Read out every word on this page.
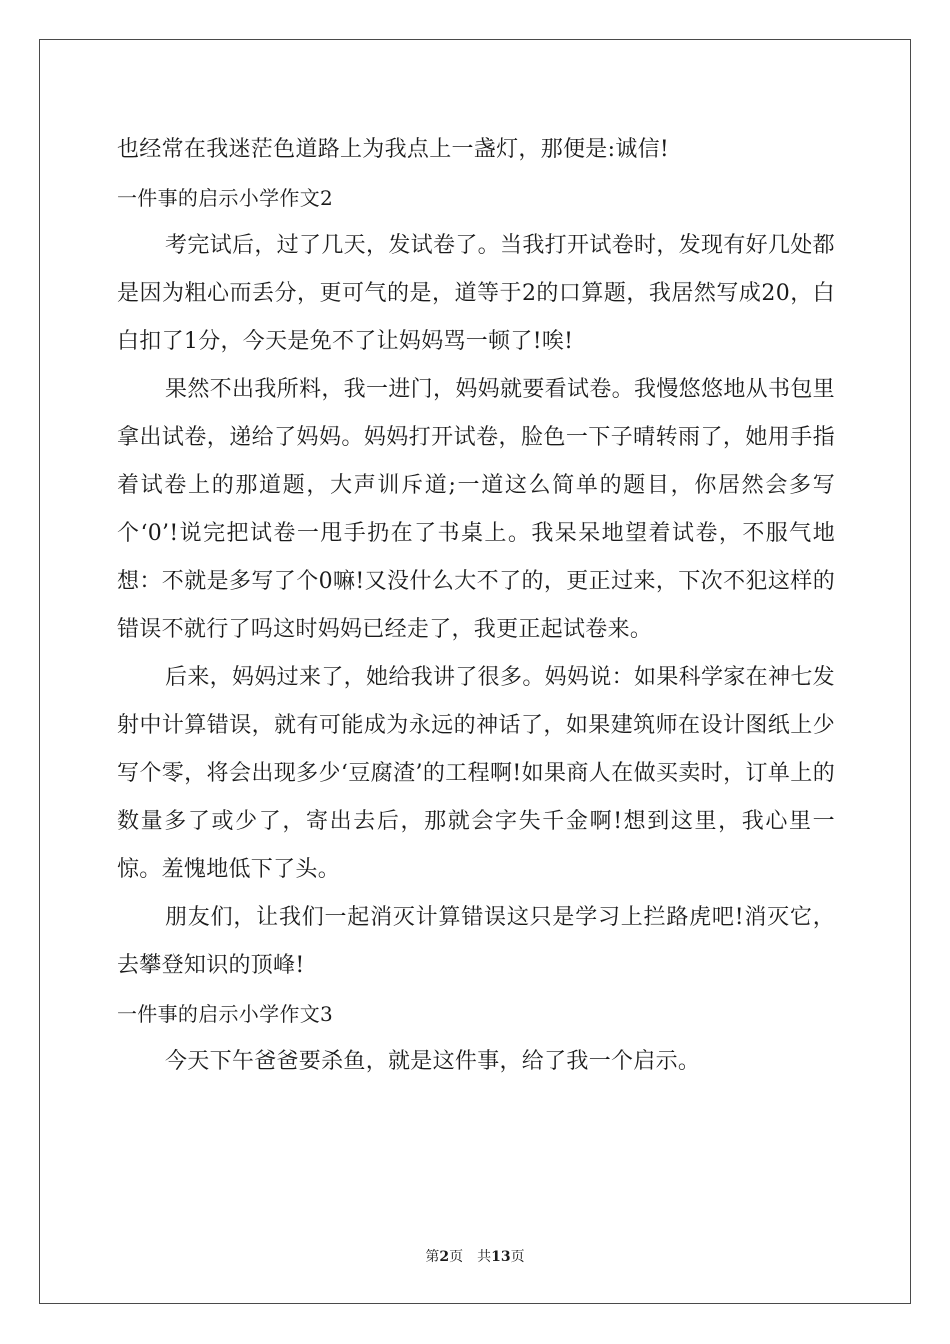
也经常在我迷茫色道路上为我点上一盏灯，那便是:诚信!
一件事的启示小学作文2
考完试后，过了几天，发试卷了。当我打开试卷时，发现有好几处都是因为粗心而丢分，更可气的是，道等于2的口算题，我居然写成20，白白扣了1分，今天是免不了让妈妈骂一顿了!唉!
果然不出我所料，我一进门，妈妈就要看试卷。我慢悠悠地从书包里拿出试卷，递给了妈妈。妈妈打开试卷，脸色一下子晴转雨了，她用手指着试卷上的那道题，大声训斥道;一道这么简单的题目，你居然会多写个‘0’!说完把试卷一甩手扔在了书桌上。我呆呆地望着试卷，不服气地想：不就是多写了个0嘛!又没什么大不了的，更正过来，下次不犯这样的错误不就行了吗这时妈妈已经走了，我更正起试卷来。
后来，妈妈过来了，她给我讲了很多。妈妈说：如果科学家在神七发射中计算错误，就有可能成为永远的神话了，如果建筑师在设计图纸上少写个零，将会出现多少‘豆腐渣’的工程啊!如果商人在做买卖时，订单上的数量多了或少了，寄出去后，那就会字失千金啊!想到这里，我心里一惊。羞愧地低下了头。
朋友们，让我们一起消灭计算错误这只是学习上拦路虎吧!消灭它，去攀登知识的顶峰!
一件事的启示小学作文3
今天下午爸爸要杀鱼，就是这件事，给了我一个启示。
第2页 共13页
